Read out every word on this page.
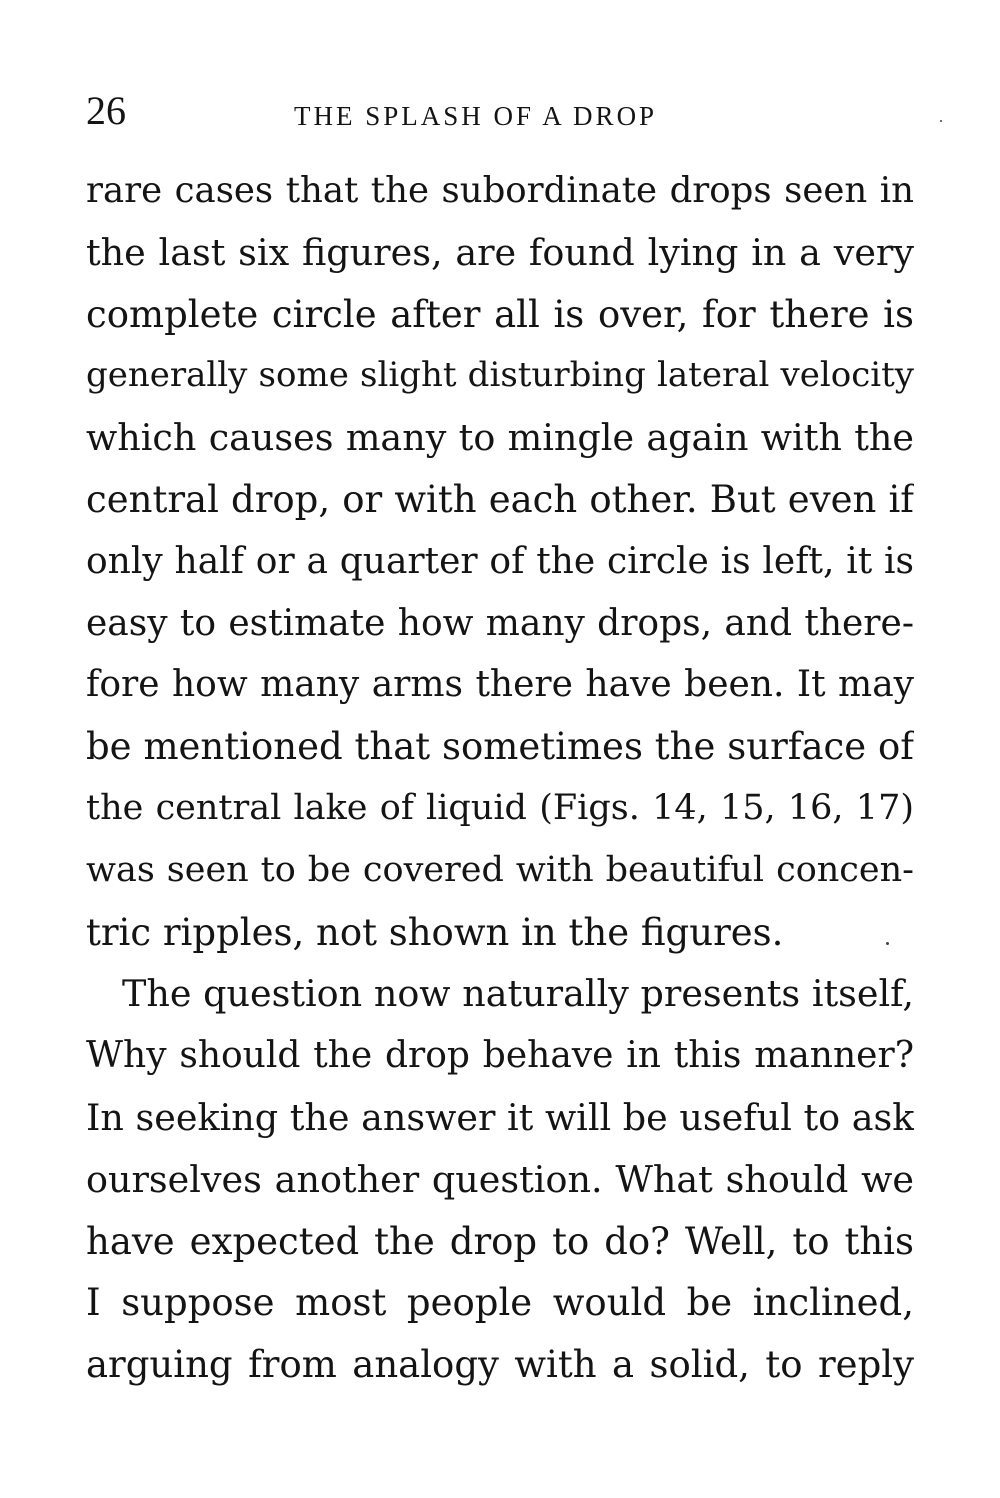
26	THE SPLASH OF A DROP
rare cases that the subordinate drops seen in
the last six figures, are found lying in a very
complete circle after all is over, for there is
generally some slight disturbing lateral velocity
which causes many to mingle again with the
central drop, or with each other. But even if
only half or a quarter of the circle is left, it is
easy to estimate how many drops, and there-
fore how many arms there have been. It may
be mentioned that sometimes the surface of
the central lake of liquid (Figs. 14, 15, 16, 17)
was seen to be covered with beautiful concen-
tric ripples, not shown in the figures.
The question now naturally presents itself,
Why should the drop behave in this manner?
In seeking the answer it will be useful to ask
ourselves another question. What should we
have expected the drop to do? Well, to this
I suppose most people would be inclined,
arguing from analogy with a solid, to reply
